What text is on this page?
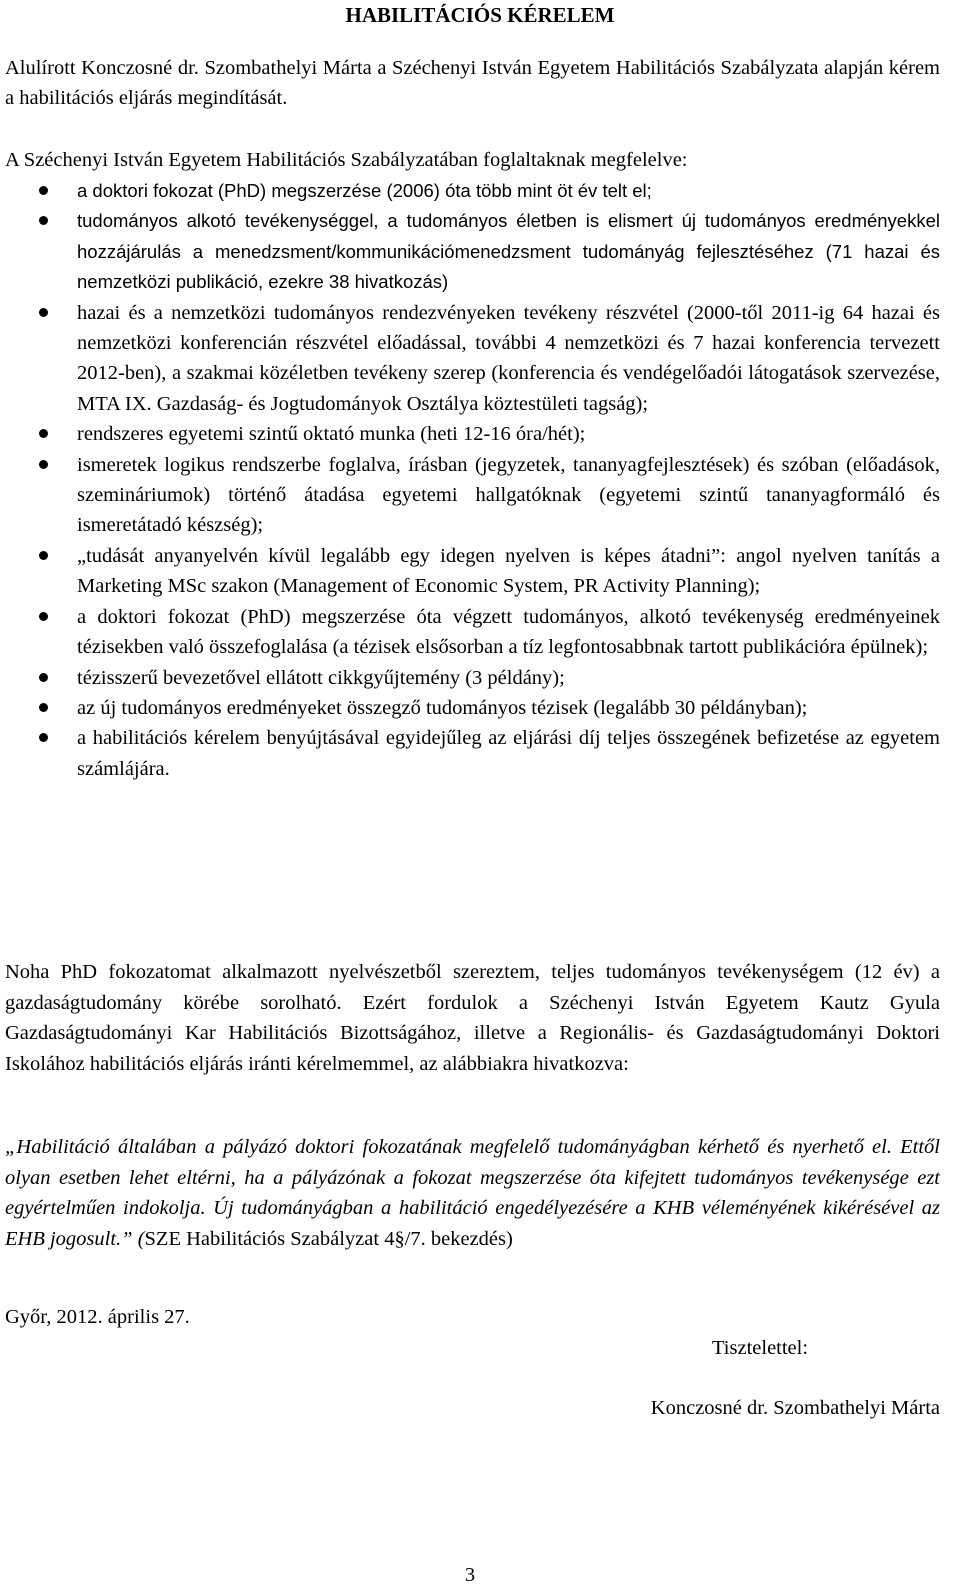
HABILITÁCIÓS KÉRELEM

Alulírott Konczosné dr. Szombathelyi Márta a Széchenyi István Egyetem Habilitációs Szabályzata alapján kérem a habilitációs eljárás megindítását.

A Széchenyi István Egyetem Habilitációs Szabályzatában foglaltaknak megfelelve:

a doktori fokozat (PhD) megszerzése (2006) óta több mint öt év telt el;
tudományos alkotó tevékenységgel, a tudományos életben is elismert új tudományos eredményekkel hozzájárulás a menedzsment/kommunikációmenedzsment tudományág fejlesztéséhez (71 hazai és nemzetközi publikáció, ezekre 38 hivatkozás)
hazai és a nemzetközi tudományos rendezvényeken tevékeny részvétel (2000-től 2011-ig 64 hazai és nemzetközi konferencián részvétel előadással, további 4 nemzetközi és 7 hazai konferencia tervezett 2012-ben), a szakmai közéletben tevékeny szerep (konferencia és vendégelőadói látogatások szervezése, MTA IX. Gazdaság- és Jogtudományok Osztálya köztestületi tagság);
rendszeres egyetemi szintű oktató munka (heti 12-16 óra/hét);
ismeretek logikus rendszerbe foglalva, írásban (jegyzetek, tananyagfejlesztések) és szóban (előadások, szemináriumok) történő átadása egyetemi hallgatóknak (egyetemi szintű tananyagformáló és ismeretátadó készség);
„tudását anyanyelvén kívül legalább egy idegen nyelven is képes átadni”: angol nyelven tanítás a Marketing MSc szakon (Management of Economic System, PR Activity Planning);
a doktori fokozat (PhD) megszerzése óta végzett tudományos, alkotó tevékenység eredményeinek tézisekben való összefoglalása (a tézisek elsősorban a tíz legfontosabbnak tartott publikációra épülnek);
tézisszerű bevezetővel ellátott cikkgyűjtemény (3 példány);
az új tudományos eredményeket összegző tudományos tézisek (legalább 30 példányban);
a habilitációs kérelem benyújtásával egyidejűleg az eljárási díj teljes összegének befizetése az egyetem számlájára.

Noha PhD fokozatomat alkalmazott nyelvészetből szereztem, teljes tudományos tevékenységem (12 év) a gazdaságtudomány körébe sorolható. Ezért fordulok a Széchenyi István Egyetem Kautz Gyula Gazdaságtudományi Kar Habilitációs Bizottságához, illetve a Regionális- és Gazdaságtudományi Doktori Iskolához habilitációs eljárás iránti kérelmemmel, az alábbiakra hivatkozva:

„Habilitáció általában a pályázó doktori fokozatának megfelelő tudományágban kérhető és nyerhető el. Ettől olyan esetben lehet eltérni, ha a pályázónak a fokozat megszerzése óta kifejtett tudományos tevékenysége ezt egyértelműen indokolja. Új tudományágban a habilitáció engedélyezésére a KHB véleményének kikérésével az EHB jogosult.” (SZE Habilitációs Szabályzat 4§/7. bekezdés)

Győr, 2012. április 27.

Tisztelettel:

Konczosné dr. Szombathelyi Márta

3
